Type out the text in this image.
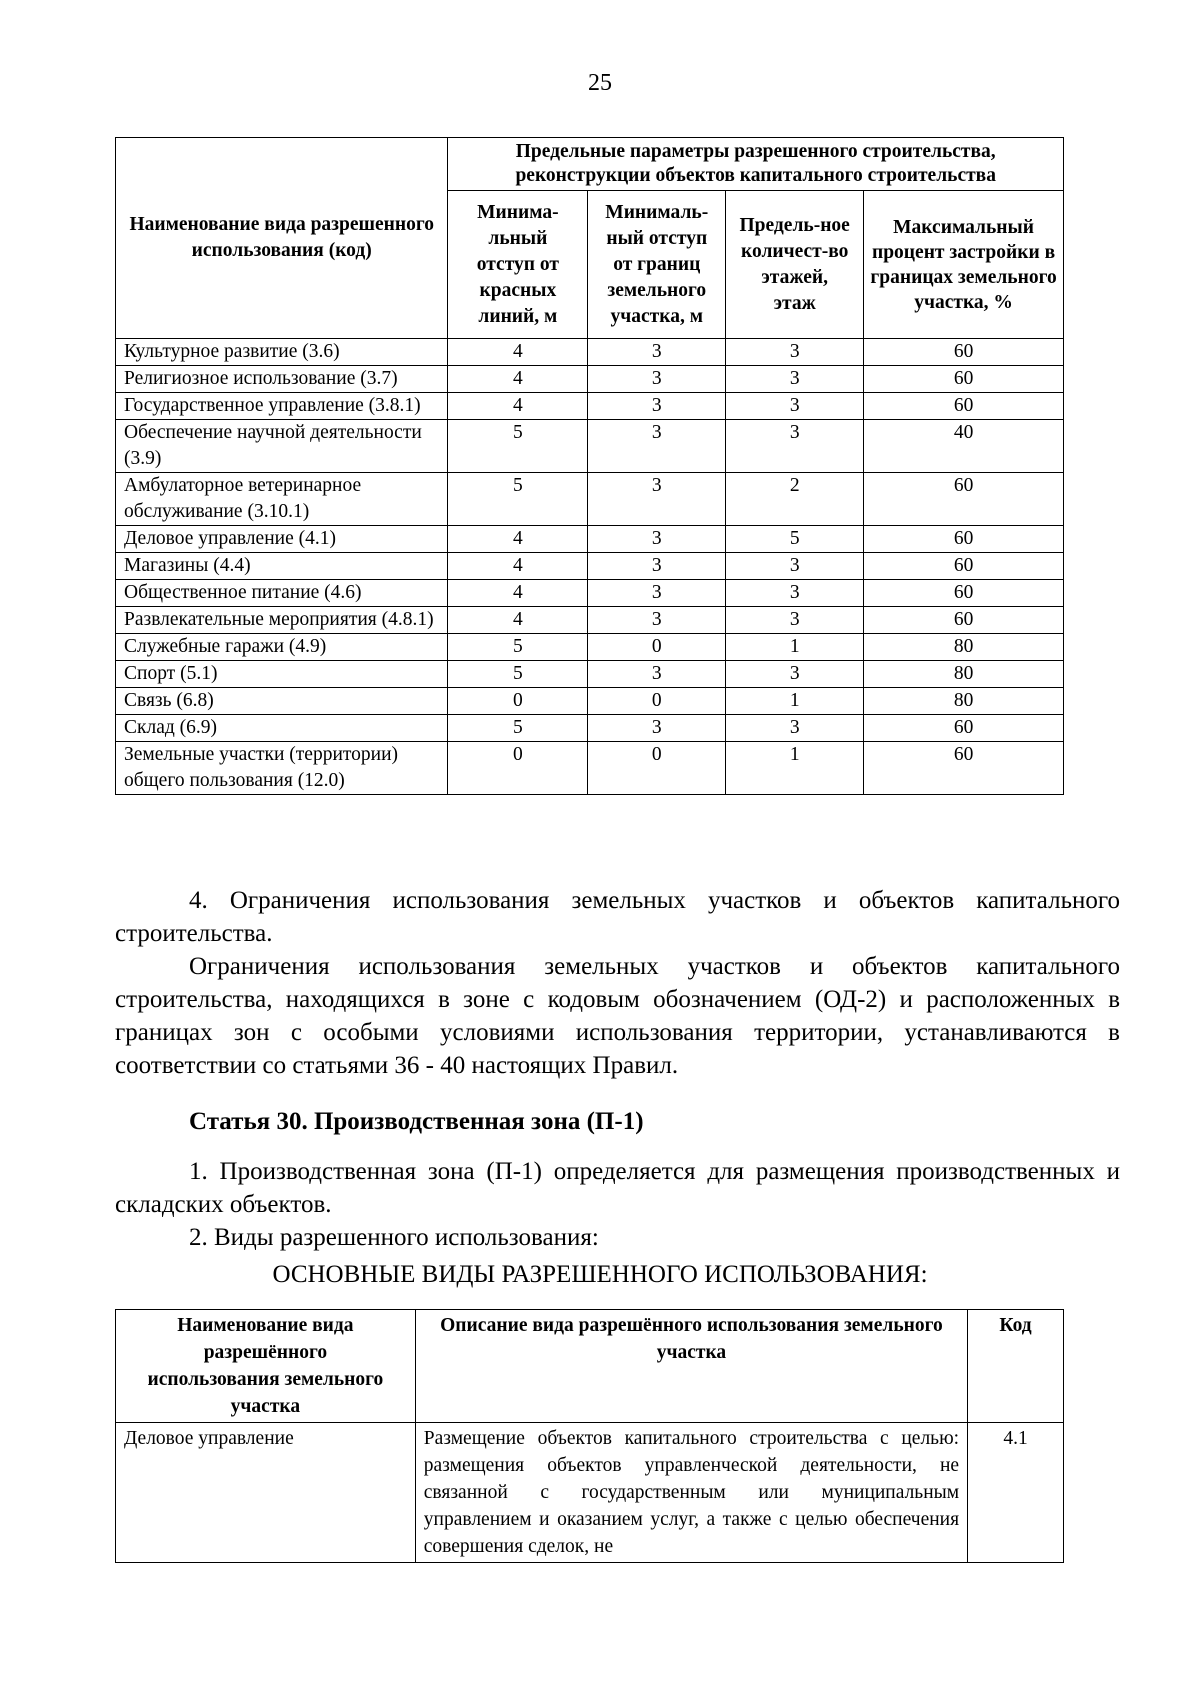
25
Наименование вида разрешенного использования (код)	Предельные параметры разрешенного строительства, реконструкции объектов капитального строительства			
	Минима-льный отступ от красных линий, м	Минималь-ный отступ от границ земельного участка, м	Предель-ное количест-во этажей, этаж	Максимальный процент застройки в границах земельного участка, %
Культурное развитие (3.6)	4	3	3	60
Религиозное использование (3.7)	4	3	3	60
Государственное управление (3.8.1)	4	3	3	60
Обеспечение научной деятельности (3.9)	5	3	3	40
Амбулаторное ветеринарное обслуживание (3.10.1)	5	3	2	60
Деловое управление (4.1)	4	3	5	60
Магазины (4.4)	4	3	3	60
Общественное питание (4.6)	4	3	3	60
Развлекательные мероприятия (4.8.1)	4	3	3	60
Служебные гаражи (4.9)	5	0	1	80
Спорт (5.1)	5	3	3	80
Связь (6.8)	0	0	1	80
Склад (6.9)	5	3	3	60
Земельные участки (территории) общего пользования (12.0)	0	0	1	60
4. Ограничения использования земельных участков и объектов капитального строительства.
Ограничения использования земельных участков и объектов капитального строительства, находящихся в зоне с кодовым обозначением (ОД-2) и расположенных в границах зон с особыми условиями использования территории, устанавливаются в соответствии со статьями 36 - 40 настоящих Правил.
Статья 30. Производственная зона (П-1)
1. Производственная зона (П-1) определяется для размещения производственных и складских объектов.
2. Виды разрешенного использования:
ОСНОВНЫЕ ВИДЫ РАЗРЕШЕННОГО ИСПОЛЬЗОВАНИЯ:
Наименование вида разрешённого использования земельного участка	Описание вида разрешённого использования земельного участка	Код
Деловое управление	Размещение объектов капитального строительства с целью: размещения объектов управленческой деятельности, не связанной с государственным или муниципальным управлением и оказанием услуг, а также с целью обеспечения совершения сделок, не	4.1
